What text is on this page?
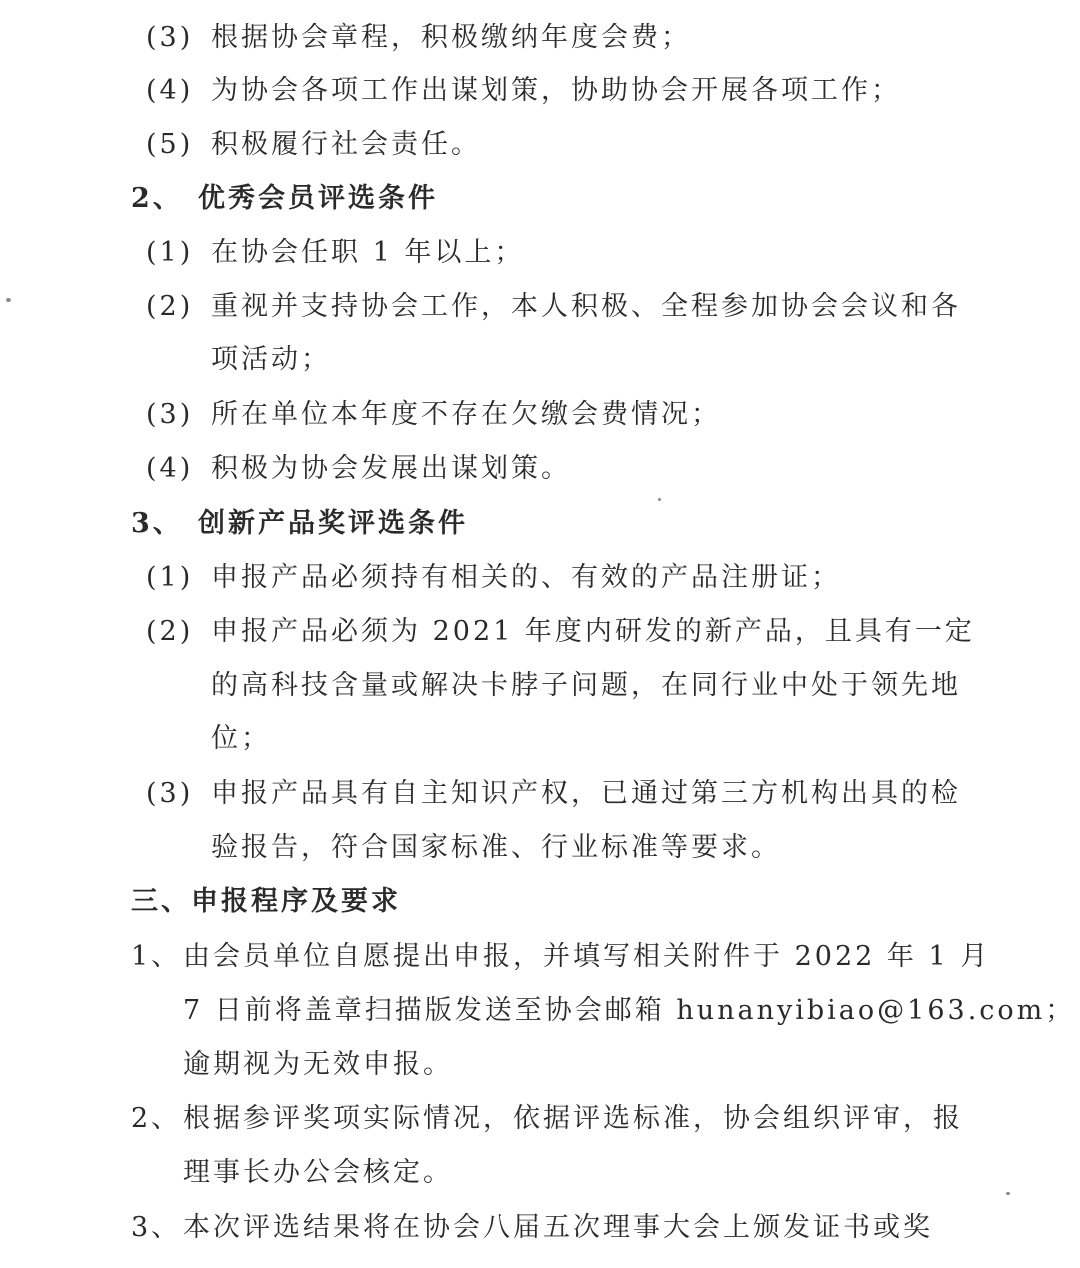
(3) 根据协会章程，积极缴纳年度会费；
(4) 为协会各项工作出谋划策，协助协会开展各项工作；
(5) 积极履行社会责任。
2、 优秀会员评选条件
(1) 在协会任职 1 年以上；
(2) 重视并支持协会工作，本人积极、全程参加协会会议和各
项活动；
(3) 所在单位本年度不存在欠缴会费情况；
(4) 积极为协会发展出谋划策。
3、 创新产品奖评选条件
(1) 申报产品必须持有相关的、有效的产品注册证；
(2) 申报产品必须为 2021 年度内研发的新产品，且具有一定
的高科技含量或解决卡脖子问题，在同行业中处于领先地
位；
(3) 申报产品具有自主知识产权，已通过第三方机构出具的检
验报告，符合国家标准、行业标准等要求。
三、申报程序及要求
1、 由会员单位自愿提出申报，并填写相关附件于 2022 年 1 月
7 日前将盖章扫描版发送至协会邮箱 hunanyibiao@163.com；
逾期视为无效申报。
2、 根据参评奖项实际情况，依据评选标准，协会组织评审，报
理事长办公会核定。
3、 本次评选结果将在协会八届五次理事大会上颁发证书或奖
